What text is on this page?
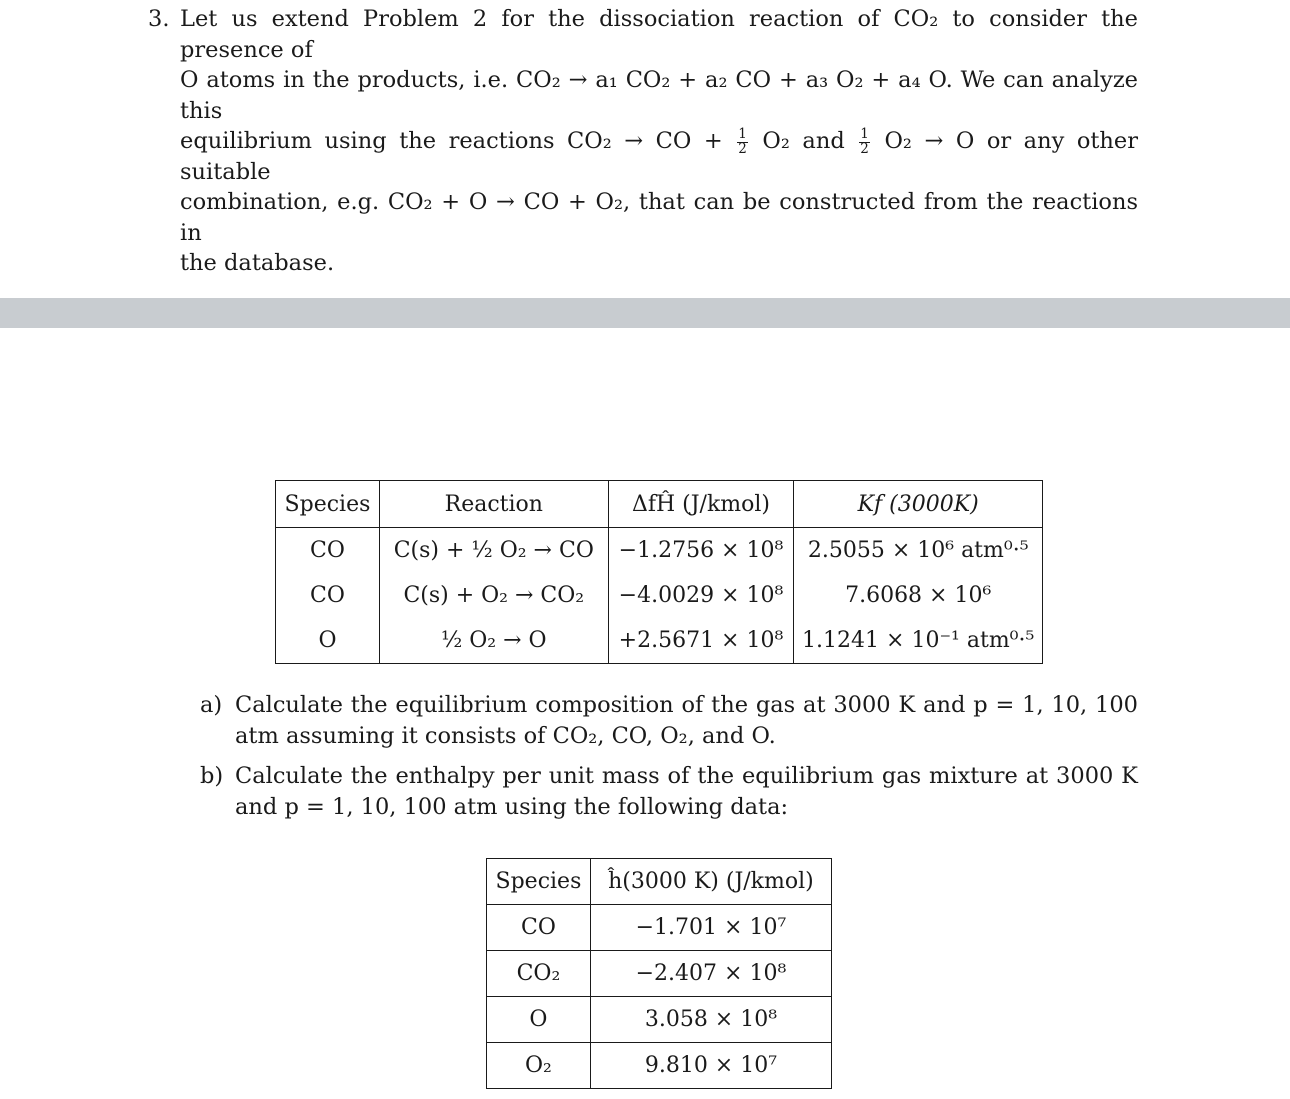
3. Let us extend Problem 2 for the dissociation reaction of CO₂ to consider the presence of
O atoms in the products, i.e. CO₂ → a₁ CO₂ + a₂ CO + a₃ O₂ + a₄ O. We can analyze this
equilibrium using the reactions CO₂ → CO + $\frac{1}{2} O_2$ and $\frac{1}{2} O_2 \to O$ or any other suitable
combination, e.g. CO₂ + O → CO + O₂, that can be constructed from the reactions in
the database.
Species	Reaction	ΔfĤ (J/kmol)	Kf (3000K)
CO	C(s) + ½ O₂ → CO	−1.2756 × 10⁸	2.5055 × 10⁶ atm⁰·⁵
CO	C(s) + O₂ → CO₂	−4.0029 × 10⁸	7.6068 × 10⁶
O	½ O₂ → O	+2.5671 × 10⁸	1.1241 × 10⁻¹ atm⁰·⁵
a) Calculate the equilibrium composition of the gas at 3000 K and p = 1, 10, 100 atm assuming it consists of CO₂, CO, O₂, and O.
b) Calculate the enthalpy per unit mass of the equilibrium gas mixture at 3000 K and p = 1, 10, 100 atm using the following data:
Species	ĥ(3000 K) (J/kmol)
CO	−1.701 × 10⁷
CO₂	−2.407 × 10⁸
O	3.058 × 10⁸
O₂	9.810 × 10⁷
